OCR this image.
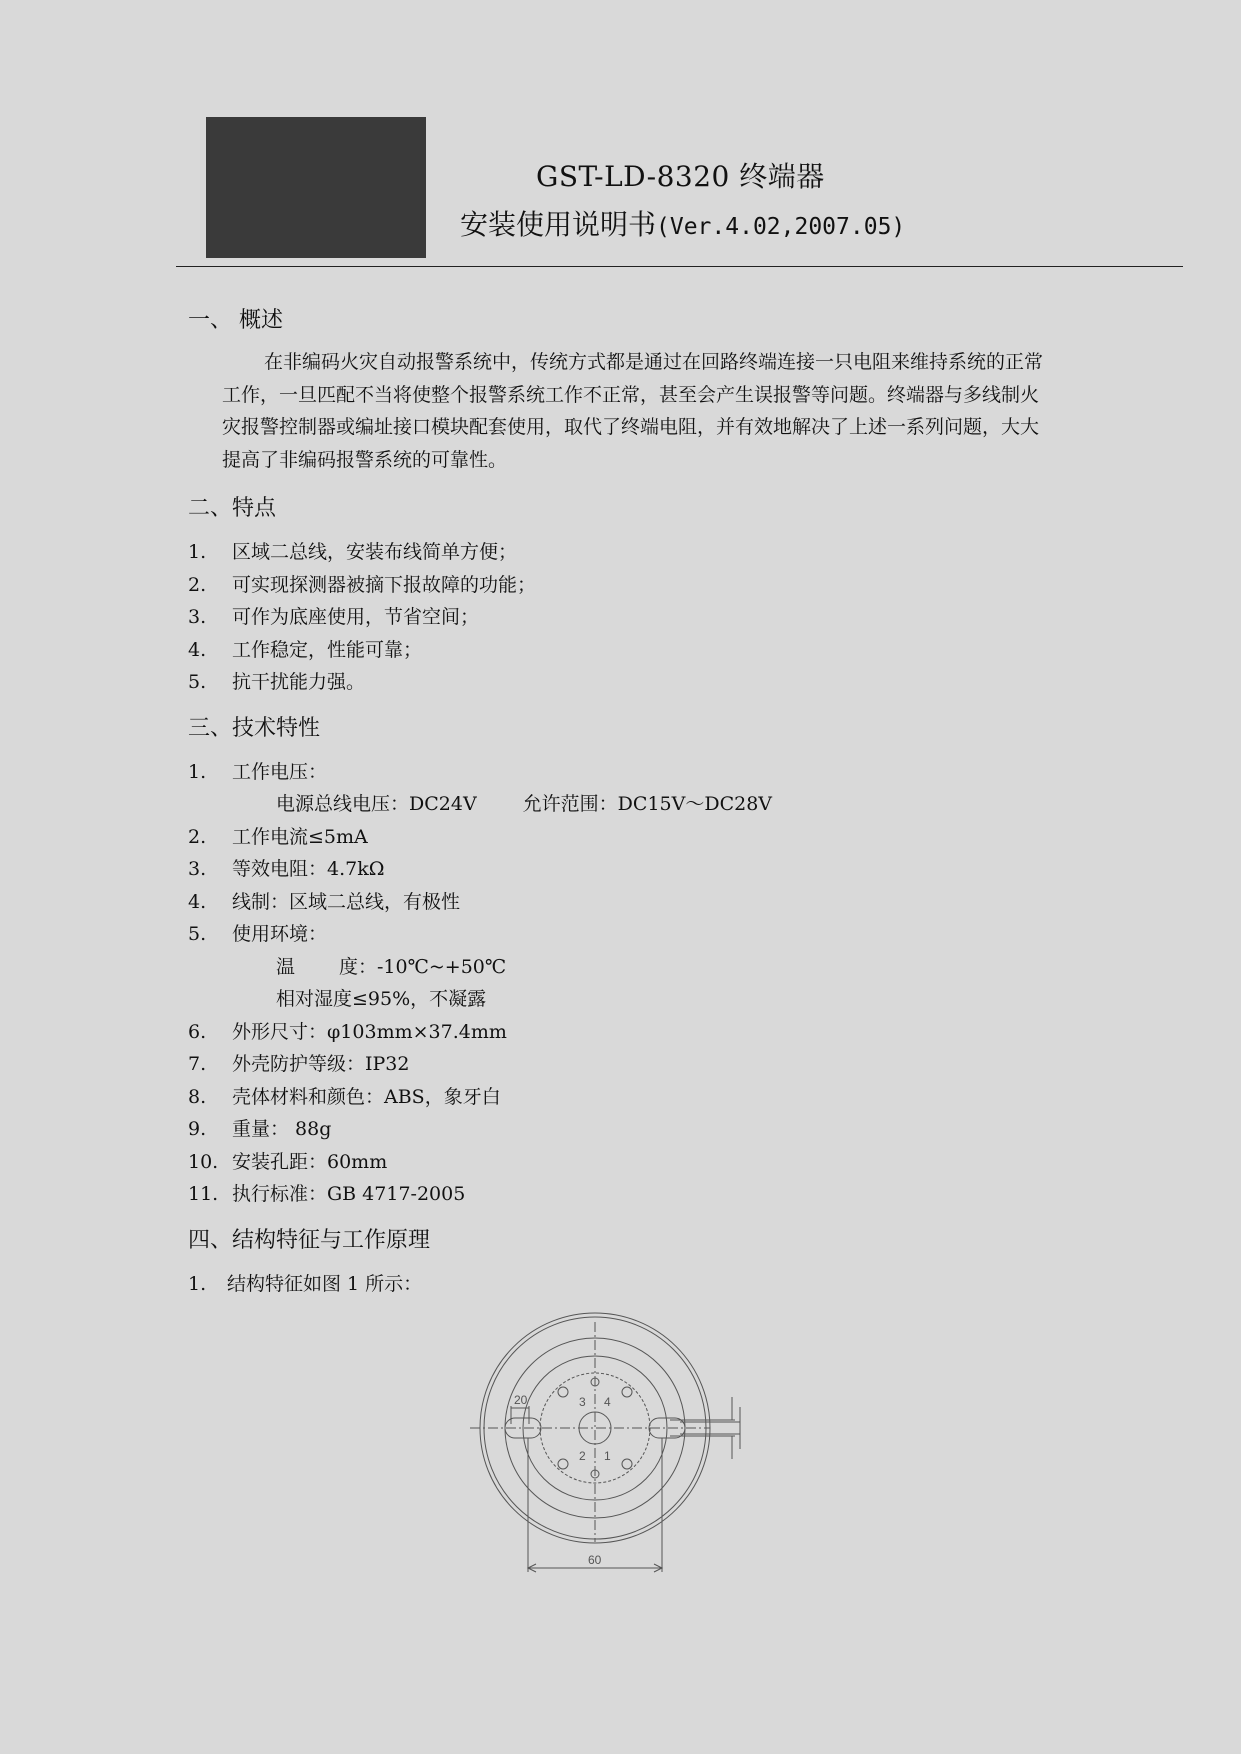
GST-LD-8320 终端器
安装使用说明书(Ver.4.02,2007.05)
一、 概述
在非编码火灾自动报警系统中，传统方式都是通过在回路终端连接一只电阻来维持系统的正常工作，一旦匹配不当将使整个报警系统工作不正常，甚至会产生误报警等问题。终端器与多线制火灾报警控制器或编址接口模块配套使用，取代了终端电阻，并有效地解决了上述一系列问题，大大提高了非编码报警系统的可靠性。
二、特点
1. 区域二总线，安装布线简单方便；
2. 可实现探测器被摘下报故障的功能；
3. 可作为底座使用，节省空间；
4. 工作稳定，性能可靠；
5. 抗干扰能力强。
三、技术特性
1. 工作电压：
电源总线电压：DC24V 允许范围：DC15V～DC28V
2. 工作电流≤5mA
3. 等效电阻：4.7kΩ
4. 线制：区域二总线，有极性
5. 使用环境：
温 度：-10℃~+50℃
相对湿度≤95%，不凝露
6. 外形尺寸：φ103mm×37.4mm
7. 外壳防护等级：IP32
8. 壳体材料和颜色：ABS，象牙白
9. 重量： 88g
10. 安装孔距：60mm
11. 执行标准：GB 4717-2005
四、结构特征与工作原理
1. 结构特征如图 1 所示：
20
60
3 4
2 1
